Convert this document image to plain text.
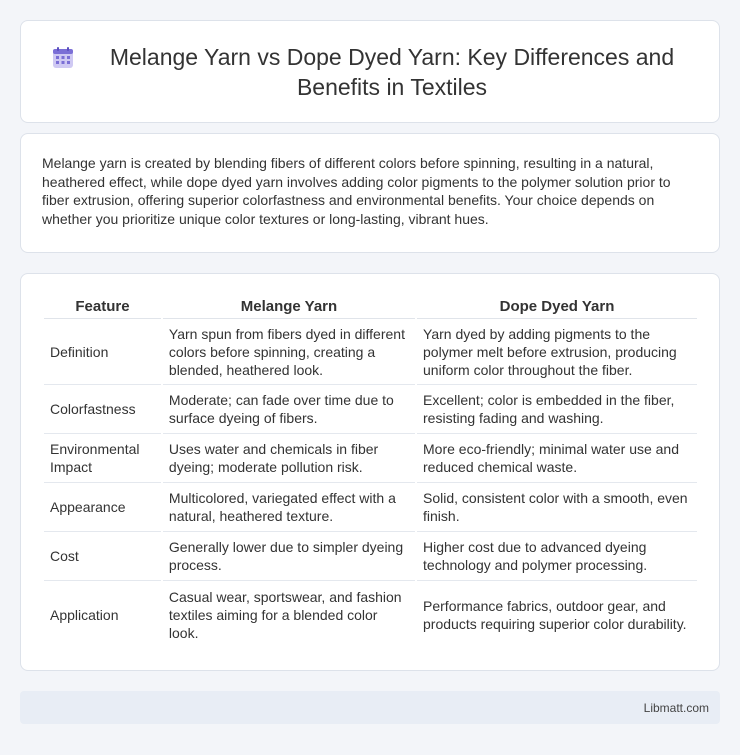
Melange Yarn vs Dope Dyed Yarn: Key Differences and Benefits in Textiles

Melange yarn is created by blending fibers of different colors before spinning, resulting in a natural, heathered effect, while dope dyed yarn involves adding color pigments to the polymer solution prior to fiber extrusion, offering superior colorfastness and environmental benefits. Your choice depends on whether you prioritize unique color textures or long-lasting, vibrant hues.

Feature	Melange Yarn	Dope Dyed Yarn
Definition	Yarn spun from fibers dyed in different colors before spinning, creating a blended, heathered look.	Yarn dyed by adding pigments to the polymer melt before extrusion, producing uniform color throughout the fiber.
Colorfastness	Moderate; can fade over time due to surface dyeing of fibers.	Excellent; color is embedded in the fiber, resisting fading and washing.
Environmental Impact	Uses water and chemicals in fiber dyeing; moderate pollution risk.	More eco-friendly; minimal water use and reduced chemical waste.
Appearance	Multicolored, variegated effect with a natural, heathered texture.	Solid, consistent color with a smooth, even finish.
Cost	Generally lower due to simpler dyeing process.	Higher cost due to advanced dyeing technology and polymer processing.
Application	Casual wear, sportswear, and fashion textiles aiming for a blended color look.	Performance fabrics, outdoor gear, and products requiring superior color durability.
Libmatt.com
